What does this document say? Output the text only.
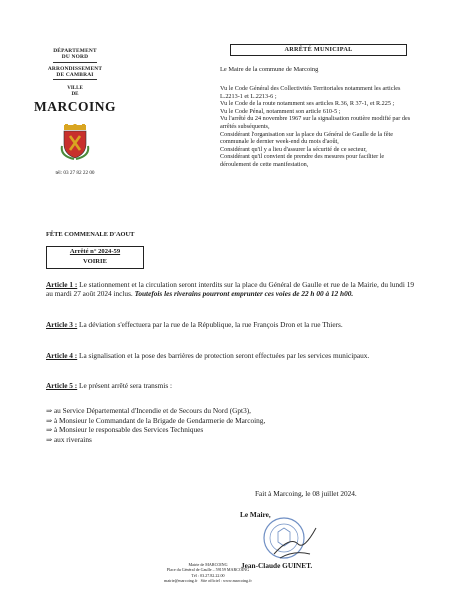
DÉPARTEMENT
DU NORD
ARRONDISSEMENT
DE CAMBRAI
VILLE
DE
MARCOING
tél: 03 27 82 22 00
ARRÊTÉ MUNICIPAL
Le Maire de la commune de Marcoing

Vu le Code Général des Collectivités Territoriales notamment les articles L.2213-1 et L.2213-6 ;

Vu le Code de la route notamment ses articles R.36, R 37-1, et R.225 ;

Vu le Code Pénal, notamment son article 610-5 ;

Vu l'arrêté du 24 novembre 1967 sur la signalisation routière modifié par des arrêtés subséquents,

Considérant l'organisation sur la place du Général de Gaulle de la fête communale le dernier week-end du mois d'août,

Considérant qu'il y a lieu d'assurer la sécurité de ce secteur,

Considérant qu'il convient de prendre des mesures pour faciliter le déroulement de cette manifestation,

FÊTE COMMENALE D'AOUT
Arrêté n° 2024-59
VOIRIE

Article 1 : Le stationnement et la circulation seront interdits sur la place du Général de Gaulle et rue de la Mairie, du lundi 19 au mardi 27 août 2024 inclus. Toutefois les riverains pourront emprunter ces voies de 22 h 00 à 12 h00.

Article 3 : La déviation s'effectuera par la rue de la République, la rue François Dron et la rue Thiers.

Article 4 : La signalisation et la pose des barrières de protection seront effectuées par les services municipaux.

Article 5 : Le présent arrêté sera transmis :

⇒ au Service Départemental d'Incendie et de Secours du Nord (Gpt3),
⇒ à Monsieur le Commandant de la Brigade de Gendarmerie de Marcoing,
⇒ à Monsieur le responsable des Services Techniques
⇒ aux riverains
Fait à Marcoing, le 08 juillet 2024.
Le Maire,
Jean-Claude GUINET.
Mairie de MARCOING
Place du Général de Gaulle – 59159 MARCOING
Tél : 03.27.82.22.00
mairie@marcoing.fr Site officiel : www.marcoing.fr
